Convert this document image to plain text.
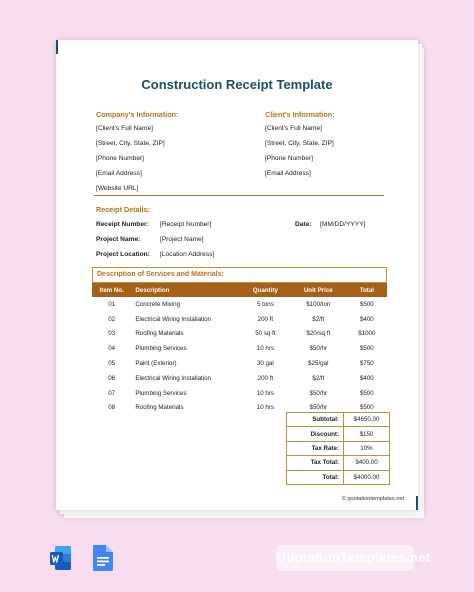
Construction Receipt Template
Company's Information:
[Client's Full Name]
[Street, City, State, ZIP]
[Phone Number]
[Email Address]
[Website URL]
Client's Information:
[Client's Full Name]
[Street, City, State, ZIP]
[Phone Number]
[Email Address]
Receipt Details:
Receipt Number: [Receipt Number]	Date: [MM/DD/YYYY]
Project Name:	[Project Name]
Project Location: [Location Address]
Description of Services and Materials:
Item No.	Description	Quantity	Unit Price	Total
01	Concrete Mixing	5 tons	$100/ton	$500
02	Electrical Wiring Installation	200 ft	$2/ft	$400
03	Roofing Materials	50 sq ft	$20/sq ft	$1000
04	Plumbing Services	10 hrs	$50/hr	$500
05	Paint (Exterior)	30 gal	$25/gal	$750
06	Electrical Wiring Installation	200 ft	$2/ft	$400
07	Plumbing Services	10 hrs	$50/hr	$500
08	Roofing Materials	10 hrs	$50/hr	$500
Subtotal:	$4650.00
Discount:	$150
Tax Rate:	10%
Tax Total:	$400.00
Total:	$4000.00
© quotationtemplates.net
QuotationTemplates.net
